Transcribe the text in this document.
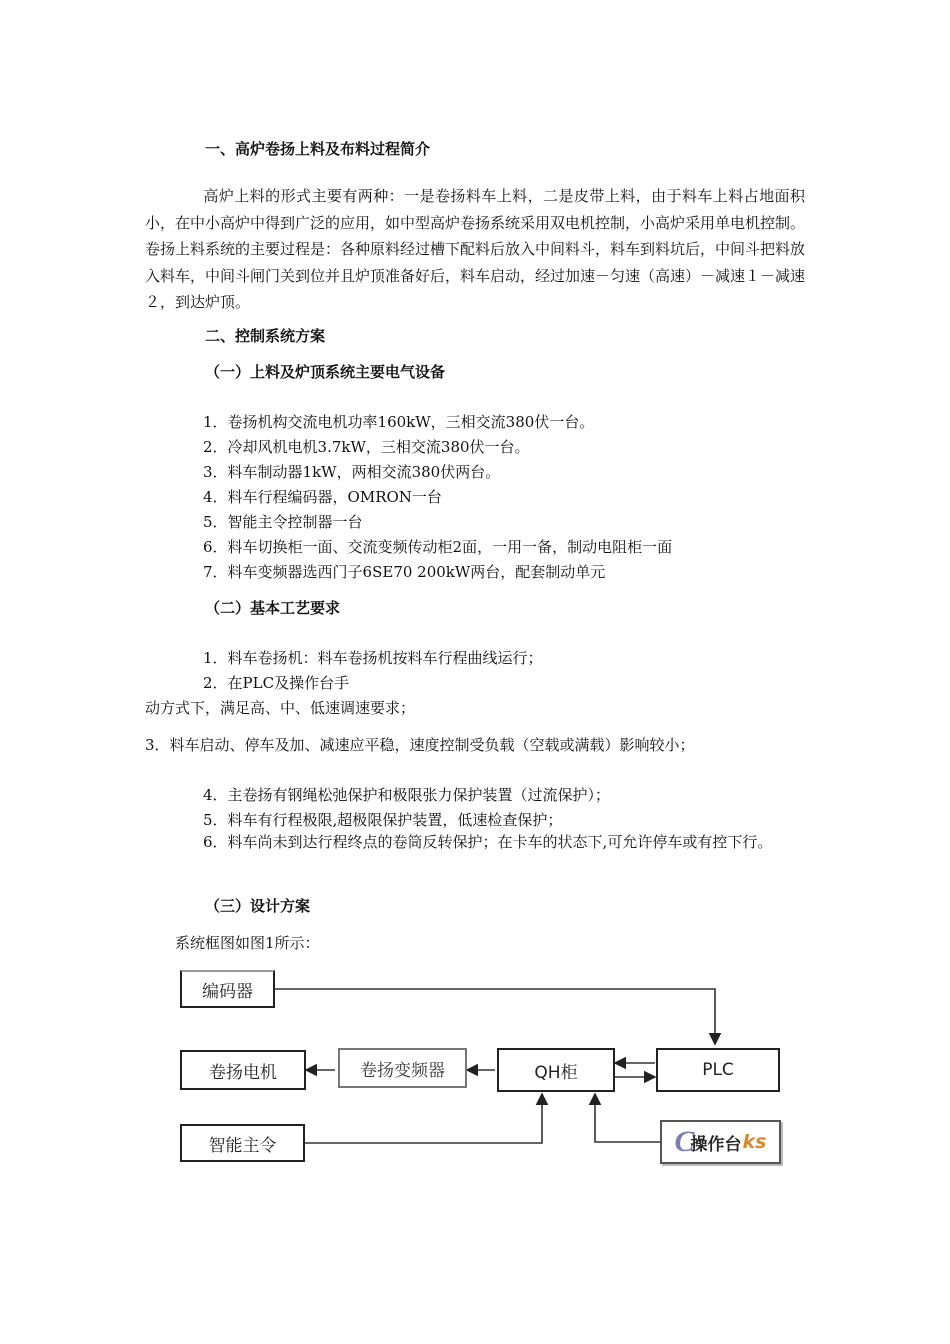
一、高炉卷扬上料及布料过程简介
高炉上料的形式主要有两种：一是卷扬料车上料，二是皮带上料，由于料车上料占地面积小，在中小高炉中得到广泛的应用，如中型高炉卷扬系统采用双电机控制，小高炉采用单电机控制。卷扬上料系统的主要过程是：各种原料经过槽下配料后放入中间料斗，料车到料坑后，中间斗把料放入料车，中间斗闸门关到位并且炉顶准备好后，料车启动，经过加速－匀速（高速）－减速１－减速２，到达炉顶。
二、控制系统方案
（一）上料及炉顶系统主要电气设备
1．卷扬机构交流电机功率160kW，三相交流380伏一台。
2．冷却风机电机3.7kW，三相交流380伏一台。
3．料车制动器1kW，两相交流380伏两台。
4．料车行程编码器，OMRON一台
5．智能主令控制器一台
6．料车切换柜一面、交流变频传动柜2面，一用一备，制动电阻柜一面
7．料车变频器选西门子6SE70 200kW两台，配套制动单元
（二）基本工艺要求
1．料车卷扬机：料车卷扬机按料车行程曲线运行；
2．在PLC及操作台手
动方式下，满足高、中、低速调速要求；
3．料车启动、停车及加、减速应平稳，速度控制受负载（空载或满载）影响较小；
4．主卷扬有钢绳松弛保护和极限张力保护装置（过流保护）；
5．料车有行程极限,超极限保护装置，低速检查保护；
6．料车尚未到达行程终点的卷筒反转保护；在卡车的状态下,可允许停车或有控下行。
（三）设计方案
系统框图如图1所示：
编码器
卷扬电机	卷扬变频器	QH柜	PLC
智能主令	C
操作台 ks
